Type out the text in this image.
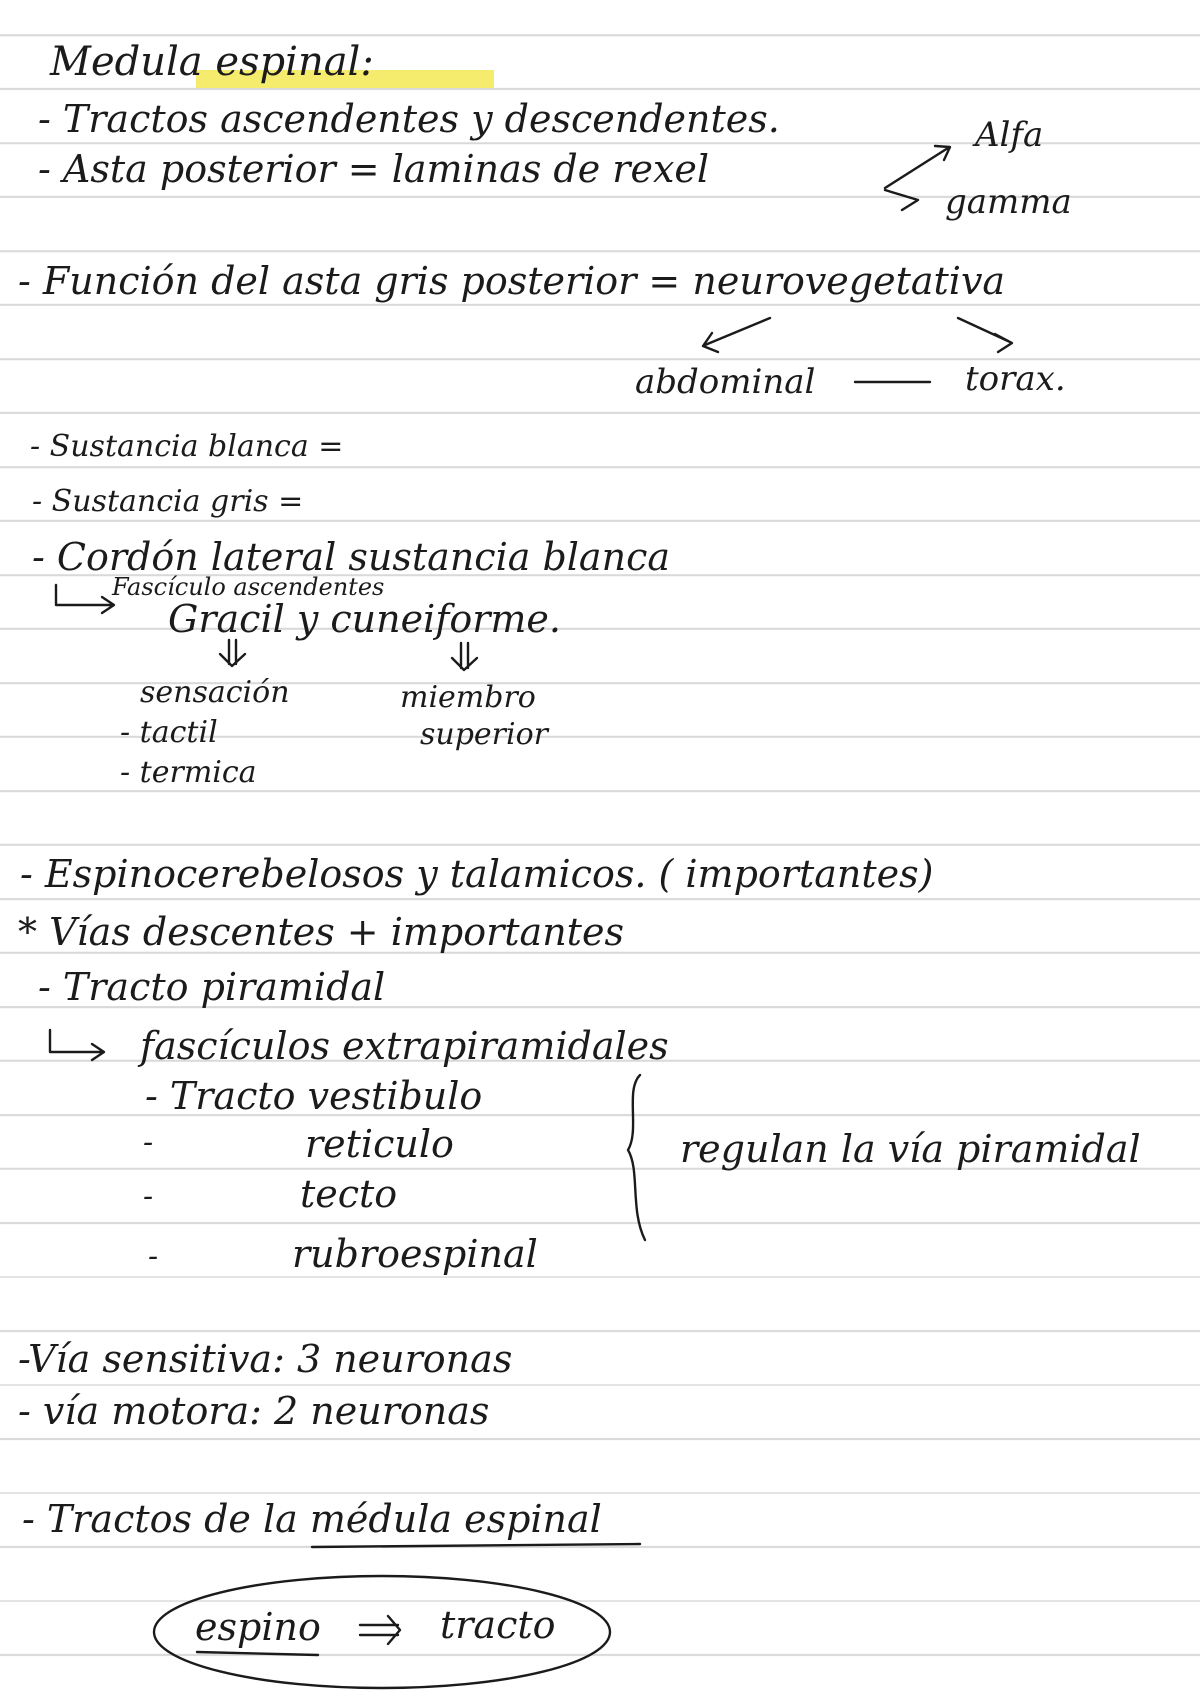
Medula espinal:
- Tractos ascendentes y descendentes.
- Asta posterior = laminas de rexel
Alfa
gamma
- Función del asta gris posterior = neurovegetativa
abdominal	torax.
- Sustancia blanca =
- Sustancia gris =
- Cordón lateral sustancia blanca
Fascículo ascendentes
Gracil y cuneiforme.
sensación
- tactil
- termica
miembro
superior
- Espinocerebelosos y talamicos. ( importantes)
* Vías descentes + importantes
- Tracto piramidal
fascículos extrapiramidales
- Tracto vestibulo
-	reticulo
-	tecto
-	rubroespinal
regulan la vía piramidal
-Vía sensitiva: 3 neuronas
- vía motora: 2 neuronas
- Tractos de la médula espinal
espino	tracto
